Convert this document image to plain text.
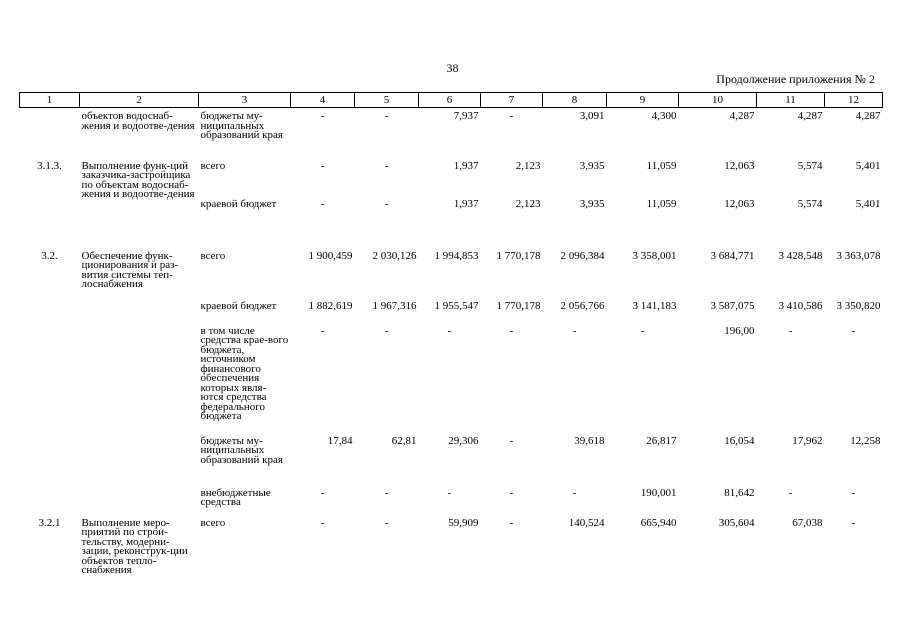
38
Продолжение приложения № 2
1	2	3	4	5	6	7	8	9	10	11	12
	объектов водоснаб-жения и водоотве-дения	бюджеты му-ниципальных образований края	-	-	7,937	-	3,091	4,300	4,287	4,287	4,287
3.1.3.	Выполнение функ-ций заказчика-застройщика по объектам водоснаб-жения и водоотве-дения	всего	-	-	1,937	2,123	3,935	11,059	12,063	5,574	5,401
		краевой бюджет	-	-	1,937	2,123	3,935	11,059	12,063	5,574	5,401
3.2.	Обеспечение функ-ционирования и раз-вития системы теп-лоснабжения	всего	1 900,459	2 030,126	1 994,853	1 770,178	2 096,384	3 358,001	3 684,771	3 428,548	3 363,078
		краевой бюджет	1 882,619	1 967,316	1 955,547	1 770,178	2 056,766	3 141,183	3 587,075	3 410,586	3 350,820
		в том числе средства крае-вого бюджета, источником финансового обеспечения которых явля-ются средства федерального бюджета	-	-	-	-	-	-	196,00	-	-
		бюджеты му-ниципальных образований края	17,84	62,81	29,306	-	39,618	26,817	16,054	17,962	12,258
		внебюджетные средства	-	-	-	-	-	190,001	81,642	-	-
3.2.1	Выполнение меро-приятий по строи-тельству, модерни-зации, реконструк-ции объектов тепло-снабжения	всего	-	-	59,909	-	140,524	665,940	305,604	67,038	-
